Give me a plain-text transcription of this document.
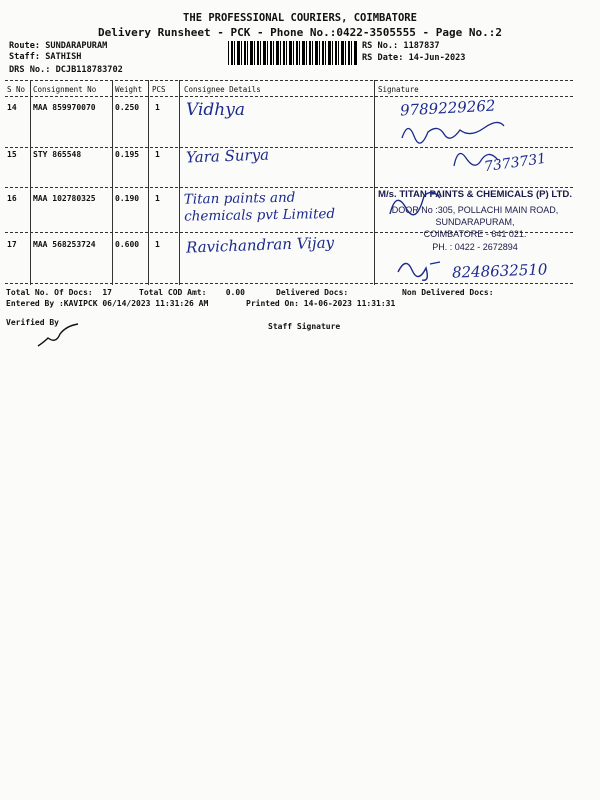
THE PROFESSIONAL COURIERS, COIMBATORE
Delivery Runsheet - PCK - Phone No.:0422-3505555 - Page No.:2
Route: SUNDARAPURAM
Staff: SATHISH
DRS No.: DCJB118783702
RS No.: 1187837
RS Date: 14-Jun-2023
S No Consignment No	Weight PCS Consignee Details	Signature
14 MAA 859970070 0.250 1 Vidhya	9789229262
15 STY 865548	0.195 1 Yara Surya	7373731
16 MAA 102780325 0.190 1 Titan paints and chemicals pvt Limited
M/s. TITAN PAINTS & CHEMICALS (P) LTD.
DOOR No :305, POLLACHI MAIN ROAD,
SUNDARAPURAM,
COIMBATORE - 641 021.
PH. : 0422 - 2672894
17 MAA 568253724 0.600 1 Ravichandran Vijay
8248632510
Total No. Of Docs:  17	Total COD Amt:    0.00	Delivered Docs:	Non Delivered Docs:
Entered By :KAVIPCK 06/14/2023 11:31:26 AM	Printed On: 14-06-2023 11:31:31
Verified By	Staff Signature
